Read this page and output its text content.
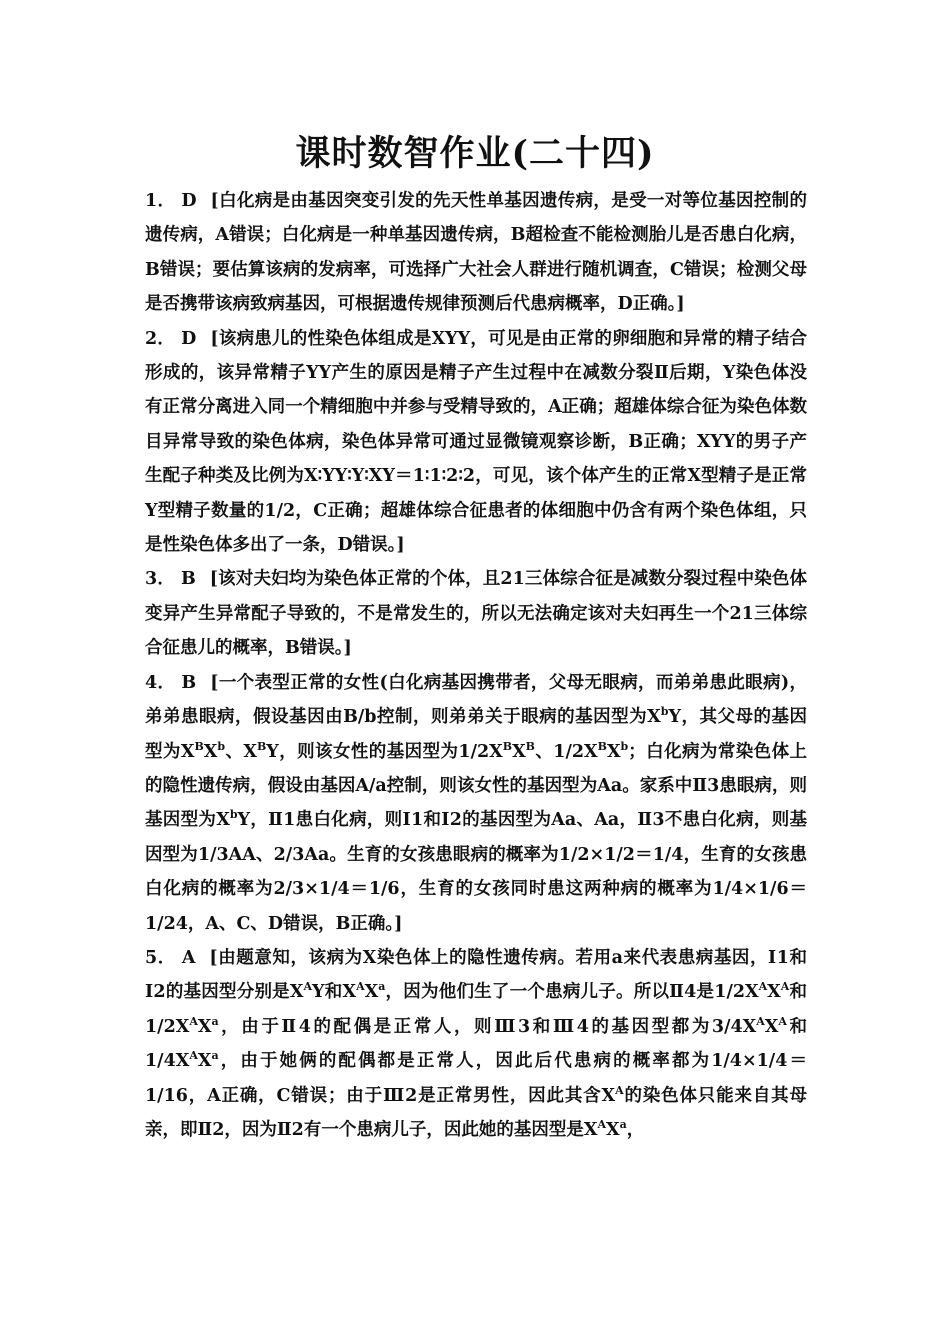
课时数智作业(二十四)

1． D [白化病是由基因突变引发的先天性单基因遗传病，是受一对等位基因控制的遗传病，A错误；白化病是一种单基因遗传病，B超检查不能检测胎儿是否患白化病，B错误；要估算该病的发病率，可选择广大社会人群进行随机调查，C错误；检测父母是否携带该病致病基因，可根据遗传规律预测后代患病概率，D正确。]

2． D [该病患儿的性染色体组成是XYY，可见是由正常的卵细胞和异常的精子结合形成的，该异常精子YY产生的原因是精子产生过程中在减数分裂Ⅱ后期，Y染色体没有正常分离进入同一个精细胞中并参与受精导致的，A正确；超雄体综合征为染色体数目异常导致的染色体病，染色体异常可通过显微镜观察诊断，B正确；XYY的男子产生配子种类及比例为X∶YY∶Y∶XY＝1∶1∶2∶2，可见，该个体产生的正常X型精子是正常Y型精子数量的1/2，C正确；超雄体综合征患者的体细胞中仍含有两个染色体组，只是性染色体多出了一条，D错误。]

3． B [该对夫妇均为染色体正常的个体，且21三体综合征是减数分裂过程中染色体变异产生异常配子导致的，不是常发生的，所以无法确定该对夫妇再生一个21三体综合征患儿的概率，B错误。]

4． B [一个表型正常的女性(白化病基因携带者，父母无眼病，而弟弟患此眼病)，弟弟患眼病，假设基因由B/b控制，则弟弟关于眼病的基因型为$X^bY$，其父母的基因型为$X^BX^b$、$X^BY$，则该女性的基因型为$1/2X^BX^B$、$1/2X^BX^b$；白化病为常染色体上的隐性遗传病，假设由基因A/a控制，则该女性的基因型为Aa。家系中Ⅱ3患眼病，则基因型为$X^bY$，Ⅱ1患白化病，则Ⅰ1和Ⅰ2的基因型为Aa、Aa，Ⅱ3不患白化病，则基因型为1/3AA、2/3Aa。生育的女孩患眼病的概率为1/2×1/2＝1/4，生育的女孩患白化病的概率为2/3×1/4＝1/6，生育的女孩同时患这两种病的概率为1/4×1/6＝1/24，A、C、D错误，B正确。]

5． A [由题意知，该病为X染色体上的隐性遗传病。若用a来代表患病基因，Ⅰ1和Ⅰ2的基因型分别是$X^AY$和$X^AX^a$，因为他们生了一个患病儿子。所以Ⅱ4是$1/2X^AX^A$和$1/2X^AX^a$，由于Ⅱ4的配偶是正常人，则Ⅲ3和Ⅲ4的基因型都为$3/4X^AX^A$和$1/4X^AX^a$，由于她俩的配偶都是正常人，因此后代患病的概率都为1/4×1/4＝1/16，A正确，C错误；由于Ⅲ2是正常男性，因此其含$X^A$的染色体只能来自其母亲，即Ⅱ2，因为Ⅱ2有一个患病儿子，因此她的基因型是$X^AX^a$，
